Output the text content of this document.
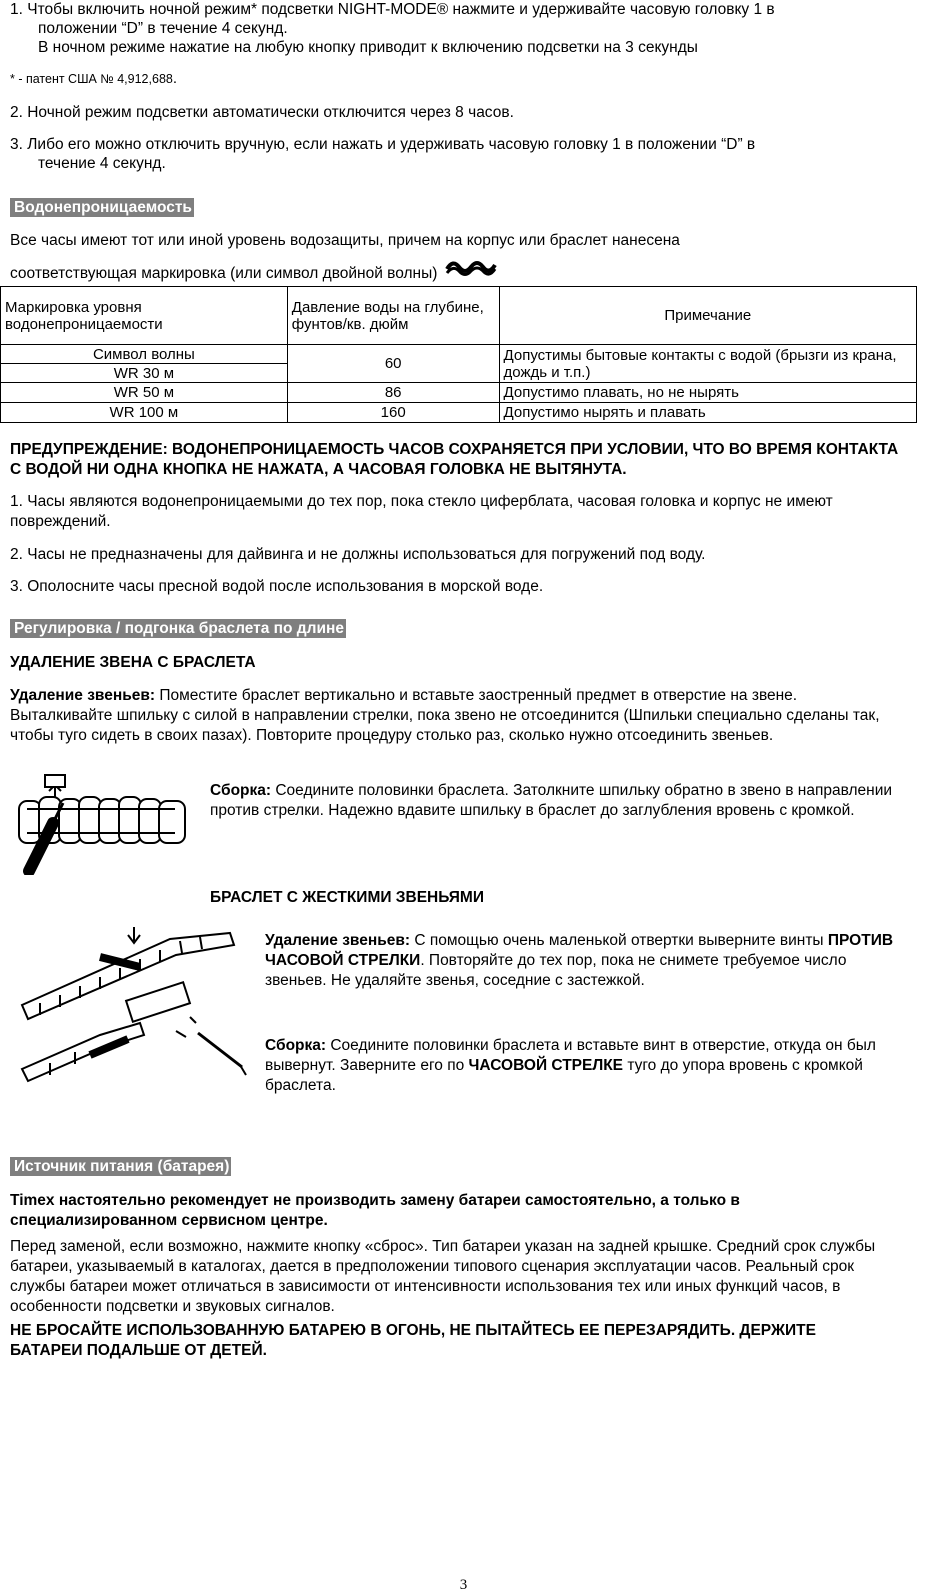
1. Чтобы включить ночной режим* подсветки NIGHT-MODE® нажмите и удерживайте часовую головку 1 в

положении “D” в течение 4 секунд.

В ночном режиме нажатие на любую кнопку приводит к включению подсветки на 3 секунды

* - патент США № 4,912,688.

2. Ночной режим подсветки автоматически отключится через 8 часов.

3. Либо его можно отключить вручную, если нажать и удерживать часовую головку 1 в положении “D” в

течение 4 секунд.

Водонепроницаемость

Все часы имеют тот или иной уровень водозащиты, причем на корпус или браслет нанесена

соответствующая маркировка (или символ двойной волны)

Маркировка уровня водонепроницаемости	Давление воды на глубине, фунтов/кв. дюйм	Примечание
Символ волны	60	Допустимы бытовые контакты с водой (брызги из крана, дождь и т.п.)
WR 30 м		
WR 50 м	86	Допустимо плавать, но не нырять
WR 100 м	160	Допустимо нырять и плавать

ПРЕДУПРЕЖДЕНИЕ: ВОДОНЕПРОНИЦАЕМОСТЬ ЧАСОВ СОХРАНЯЕТСЯ ПРИ УСЛОВИИ, ЧТО ВО ВРЕМЯ КОНТАКТА С ВОДОЙ НИ ОДНА КНОПКА НЕ НАЖАТА, А ЧАСОВАЯ ГОЛОВКА НЕ ВЫТЯНУТА.

1. Часы являются водонепроницаемыми до тех пор, пока стекло циферблата, часовая головка и корпус не имеют повреждений.

2. Часы не предназначены для дайвинга и не должны использоваться для погружений под воду.

3. Ополосните часы пресной водой после использования в морской воде.

Регулировка / подгонка браслета по длине

УДАЛЕНИЕ ЗВЕНА С БРАСЛЕТА

Удаление звеньев: Поместите браслет вертикально и вставьте заостренный предмет в отверстие на звене. Выталкивайте шпильку с силой в направлении стрелки, пока звено не отсоединится (Шпильки специально сделаны так, чтобы туго сидеть в своих пазах). Повторите процедуру столько раз, сколько нужно отсоединить звеньев.

Сборка: Соедините половинки браслета. Затолкните шпильку обратно в звено в направлении против стрелки. Надежно вдавите шпильку в браслет до заглубления вровень с кромкой.

БРАСЛЕТ С ЖЕСТКИМИ ЗВЕНЬЯМИ

Удаление звеньев: С помощью очень маленькой отвертки выверните винты ПРОТИВ ЧАСОВОЙ СТРЕЛКИ. Повторяйте до тех пор, пока не снимете требуемое число звеньев. Не удаляйте звенья, соседние с застежкой.

Сборка: Соедините половинки браслета и вставьте винт в отверстие, откуда он был вывернут. Заверните его по ЧАСОВОЙ СТРЕЛКЕ туго до упора вровень с кромкой браслета.

Источник питания (батарея)

Timex настоятельно рекомендует не производить замену батареи самостоятельно, а только в специализированном сервисном центре.

Перед заменой, если возможно, нажмите кнопку «сброс». Тип батареи указан на задней крышке. Средний срок службы батареи, указываемый в каталогах, дается в предположении типового сценария эксплуатации часов. Реальный срок службы батареи может отличаться в зависимости от интенсивности использования тех или иных функций часов, в особенности подсветки и звуковых сигналов.

НЕ БРОСАЙТЕ ИСПОЛЬЗОВАННУЮ БАТАРЕЮ В ОГОНЬ, НЕ ПЫТАЙТЕСЬ ЕЕ ПЕРЕЗАРЯДИТЬ. ДЕРЖИТЕ БАТАРЕИ ПОДАЛЬШЕ ОТ ДЕТЕЙ.

3
